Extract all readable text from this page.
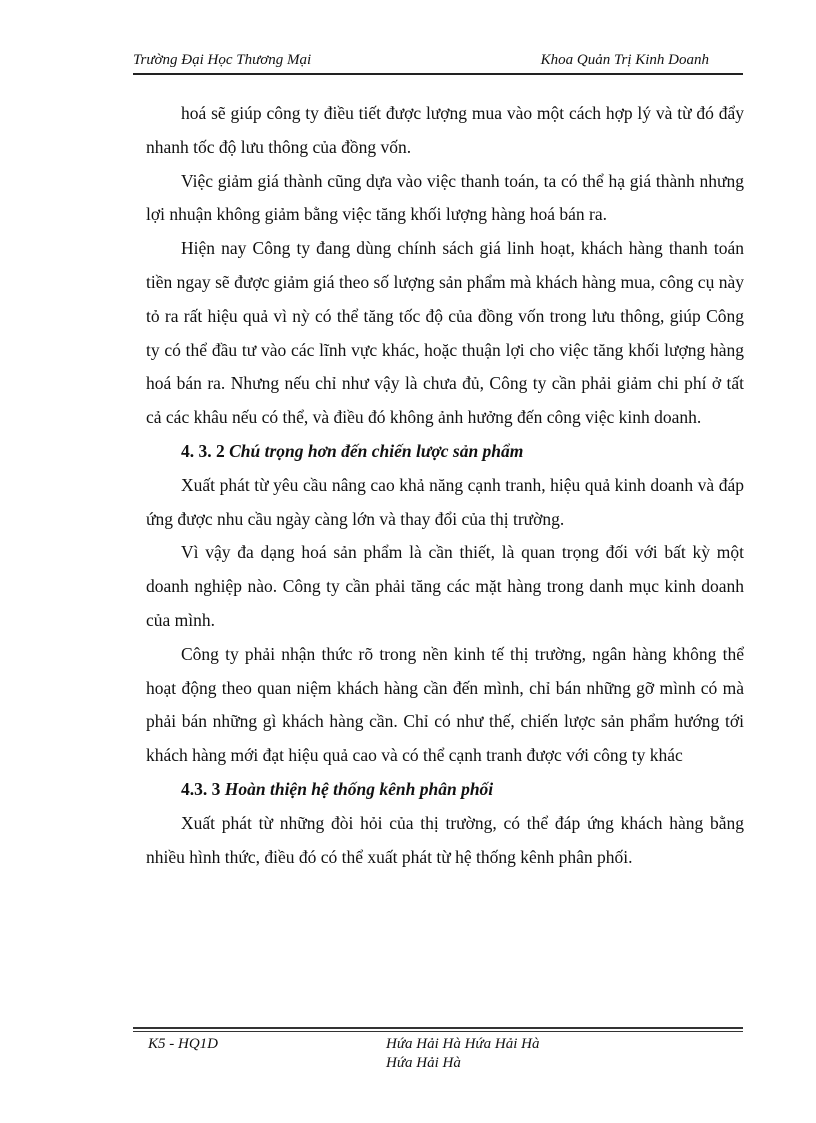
Trường Đại Học Thương Mại	Khoa Quản Trị Kinh Doanh

hoá sẽ giúp công ty điều tiết được lượng mua vào một cách hợp lý và từ đó đẩy nhanh tốc độ lưu thông của đồng vốn.

Việc giảm giá thành cũng dựa vào việc thanh toán, ta có thể hạ giá thành nhưng lợi nhuận không giảm bằng việc tăng khối lượng hàng hoá bán ra.

Hiện nay Công ty đang dùng chính sách giá linh hoạt, khách hàng thanh toán tiền ngay sẽ được giảm giá theo số lượng sản phẩm mà khách hàng mua, công cụ này tỏ ra rất hiệu quả vì nỳ có thể tăng tốc độ của đồng vốn trong lưu thông, giúp Công ty có thể đầu tư vào các lĩnh vực khác, hoặc thuận lợi cho việc tăng khối lượng hàng hoá bán ra. Nhưng nếu chỉ như vậy là chưa đủ, Công ty cần phải giảm chi phí ở tất cả các khâu nếu có thể, và điều đó không ảnh hưởng đến công việc kinh doanh.

4. 3. 2 Chú trọng hơn đến chiến lược sản phẩm

Xuất phát từ yêu cầu nâng cao khả năng cạnh tranh, hiệu quả kinh doanh và đáp ứng được nhu cầu ngày càng lớn và thay đổi của thị trường.

Vì vậy đa dạng hoá sản phẩm là cần thiết, là quan trọng đối với bất kỳ một doanh nghiệp nào. Công ty cần phải tăng các mặt hàng trong danh mục kinh doanh của mình.

Công ty phải nhận thức rõ trong nền kinh tế thị trường, ngân hàng không thể hoạt động theo quan niệm khách hàng cần đến mình, chỉ bán những gỡ mình có mà phải bán những gì khách hàng cần. Chỉ có như thế, chiến lược sản phẩm hướng tới khách hàng mới đạt hiệu quả cao và có thể cạnh tranh được với công ty khác

4.3. 3 Hoàn thiện hệ thống kênh phân phối

Xuất phát từ những đòi hỏi của thị trường, có thể đáp ứng khách hàng bằng nhiều hình thức, điều đó có thể xuất phát từ hệ thống kênh phân phối.

K5 - HQ1D	Hứa Hải Hà Hứa Hải Hà
Hứa Hải Hà
